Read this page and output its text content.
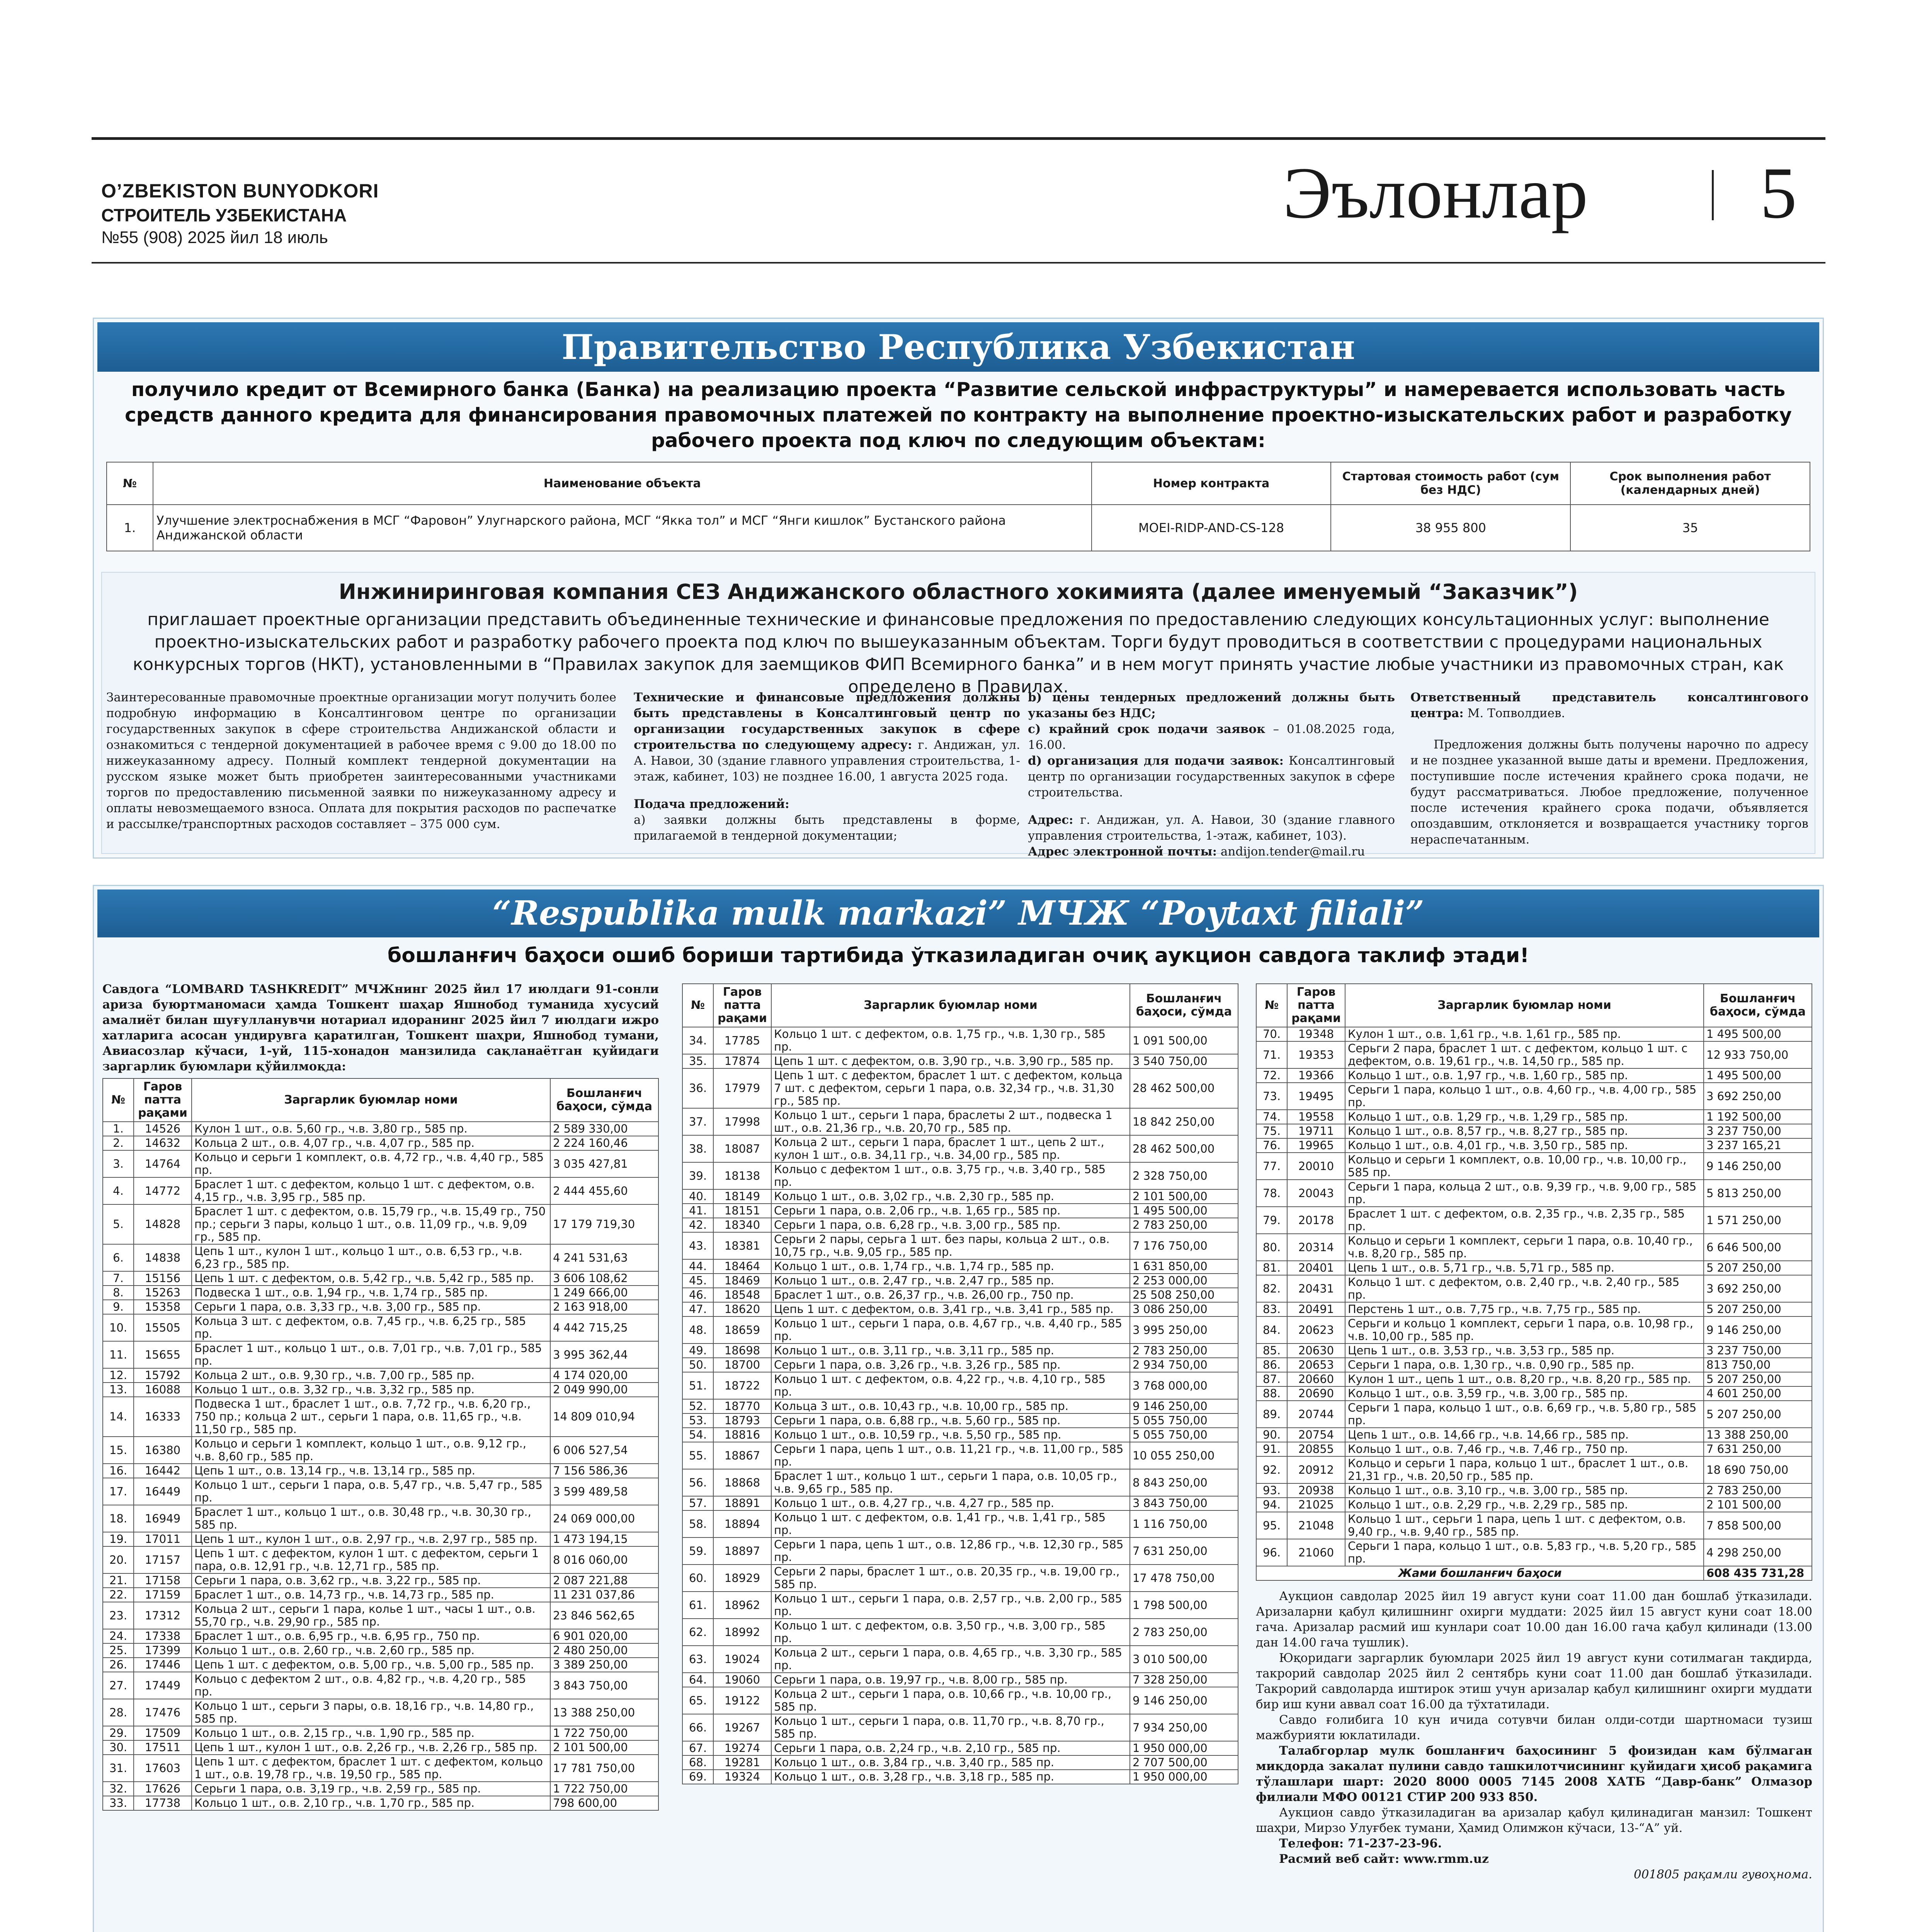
O’ZBEKISTON BUNYODKORI
СТРОИТЕЛЬ УЗБЕКИСТАНА
№55 (908) 2025 йил 18 июль
Эълонлар 5
Правительство Республика Узбекистан
получило кредит от Всемирного банка (Банка) на реализацию проекта “Развитие сельской инфраструктуры” и намеревается использовать часть средств данного кредита для финансирования правомочных платежей по контракту на выполнение проектно-изыскательских работ и разработку рабочего проекта под ключ по следующим объектам:
№	Наименование объекта	Номер контракта	Стартовая стоимость работ (сум без НДС)	Срок выполнения работ (календарных дней)
1.	Улучшение электроснабжения в МСГ “Фаровон” Улугнарского района, МСГ “Якка тол” и МСГ “Янги кишлок” Бустанского района Андижанской области	MOEI-RIDP-AND-CS-128	38 955 800	35
Инжиниринговая компания СЕЗ Андижанского областного хокимията (далее именуемый “Заказчик”)
приглашает проектные организации представить объединенные технические и финансовые предложения по предоставлению следующих консультационных услуг: выполнение проектно-изыскательских работ и разработку рабочего проекта под ключ по вышеуказанным объектам. Торги будут проводиться в соответствии с процедурами национальных конкурсных торгов (НКТ), установленными в “Правилах закупок для заемщиков ФИП Всемирного банка” и в нем могут принять участие любые участники из правомочных стран, как определено в Правилах.
Заинтересованные правомочные проектные организации могут получить более подробную информацию в Консалтинговом центре по организации государственных закупок в сфере строительства Андижанской области и ознакомиться с тендерной документацией в рабочее время с 9.00 до 18.00 по нижеуказанному адресу. Полный комплект тендерной документации на русском языке может быть приобретен заинтересованными участниками торгов по предоставлению письменной заявки по нижеуказанному адресу и оплаты невозмещаемого взноса. Оплата для покрытия расходов по распечатке и рассылке/транспортных расходов составляет – 375 000 сум.
Технические и финансовые предложения должны быть представлены в Консалтинговый центр по организации государственных закупок в сфере строительства по следующему адресу: г. Андижан, ул. А. Навои, 30 (здание главного управления строительства, 1-этаж, кабинет, 103) не позднее 16.00, 1 августа 2025 года.
Подача предложений:
а) заявки должны быть представлены в форме, прилагаемой в тендерной документации;
b) цены тендерных предложений должны быть указаны без НДС;
c) крайний срок подачи заявок – 01.08.2025 года, 16.00.
d) организация для подачи заявок: Консалтинговый центр по организации государственных закупок в сфере строительства.
Адрес: г. Андижан, ул. А. Навои, 30 (здание главного управления строительства, 1-этаж, кабинет, 103).
Адрес электронной почты: andijon.tender@mail.ru
Ответственный представитель консалтингового центра: М. Топволдиев.
Предложения должны быть получены нарочно по адресу и не позднее указанной выше даты и времени. Предложения, поступившие после истечения крайнего срока подачи, не будут рассматриваться. Любое предложение, полученное после истечения крайнего срока подачи, объявляется опоздавшим, отклоняется и возвращается участнику торгов нераспечатанным.
“Respublika mulk markazi” МЧЖ “Poytaxt filiali”
бошланғич баҳоси ошиб бориши тартибида ўтказиладиган очиқ аукцион савдога таклиф этади!
Савдога “LOMBARD TASHKREDIT” МЧЖнинг 2025 йил 17 июлдаги 91-сонли ариза буюртманомаси ҳамда Тошкент шаҳар Яшнобод туманида хусусий амалиёт билан шуғулланувчи нотариал идоранинг 2025 йил 7 июлдаги ижро хатларига асосан ундирувга қаратилган, Тошкент шаҳри, Яшнобод тумани, Авиасозлар кўчаси, 1-уй, 115-хонадон манзилида сақланаётган қуйидаги заргарлик буюмлари қўйилмоқда:
№	Гаров патта рақами	Заргарлик буюмлар номи	Бошланғич баҳоси, сўмда
1.	14526	Кулон 1 шт., о.в. 5,60 гр., ч.в. 3,80 гр., 585 пр.	2 589 330,00
2.	14632	Кольца 2 шт., о.в. 4,07 гр., ч.в. 4,07 гр., 585 пр.	2 224 160,46
3.	14764	Кольцо и серьги 1 комплект, о.в. 4,72 гр., ч.в. 4,40 гр., 585 пр.	3 035 427,81
4.	14772	Браслет 1 шт. с дефектом, кольцо 1 шт. с дефектом, о.в. 4,15 гр., ч.в. 3,95 гр., 585 пр.	2 444 455,60
5.	14828	Браслет 1 шт. с дефектом, о.в. 15,79 гр., ч.в. 15,49 гр., 750 пр.; серьги 3 пары, кольцо 1 шт., о.в. 11,09 гр., ч.в. 9,09 гр., 585 пр.	17 179 719,30
6.	14838	Цепь 1 шт., кулон 1 шт., кольцо 1 шт., о.в. 6,53 гр., ч.в. 6,23 гр., 585 пр.	4 241 531,63
7.	15156	Цепь 1 шт. с дефектом, о.в. 5,42 гр., ч.в. 5,42 гр., 585 пр.	3 606 108,62
8.	15263	Подвеска 1 шт., о.в. 1,94 гр., ч.в. 1,74 гр., 585 пр.	1 249 666,00
9.	15358	Серьги 1 пара, о.в. 3,33 гр., ч.в. 3,00 гр., 585 пр.	2 163 918,00
10.	15505	Кольца 3 шт. с дефектом, о.в. 7,45 гр., ч.в. 6,25 гр., 585 пр.	4 442 715,25
11.	15655	Браслет 1 шт., кольцо 1 шт., о.в. 7,01 гр., ч.в. 7,01 гр., 585 пр.	3 995 362,44
12.	15792	Кольца 2 шт., о.в. 9,30 гр., ч.в. 7,00 гр., 585 пр.	4 174 020,00
13.	16088	Кольцо 1 шт., о.в. 3,32 гр., ч.в. 3,32 гр., 585 пр.	2 049 990,00
14.	16333	Подвеска 1 шт., браслет 1 шт., о.в. 7,72 гр., ч.в. 6,20 гр., 750 пр.; кольца 2 шт., серьги 1 пара, о.в. 11,65 гр., ч.в. 11,50 гр., 585 пр.	14 809 010,94
15.	16380	Кольцо и серьги 1 комплект, кольцо 1 шт., о.в. 9,12 гр., ч.в. 8,60 гр., 585 пр.	6 006 527,54
16.	16442	Цепь 1 шт., о.в. 13,14 гр., ч.в. 13,14 гр., 585 пр.	7 156 586,36
17.	16449	Кольцо 1 шт., серьги 1 пара, о.в. 5,47 гр., ч.в. 5,47 гр., 585 пр.	3 599 489,58
18.	16949	Браслет 1 шт., кольцо 1 шт., о.в. 30,48 гр., ч.в. 30,30 гр., 585 пр.	24 069 000,00
19.	17011	Цепь 1 шт., кулон 1 шт., о.в. 2,97 гр., ч.в. 2,97 гр., 585 пр.	1 473 194,15
20.	17157	Цепь 1 шт. с дефектом, кулон 1 шт. с дефектом, серьги 1 пара, о.в. 12,91 гр., ч.в. 12,71 гр., 585 пр.	8 016 060,00
21.	17158	Серьги 1 пара, о.в. 3,62 гр., ч.в. 3,22 гр., 585 пр.	2 087 221,88
22.	17159	Браслет 1 шт., о.в. 14,73 гр., ч.в. 14,73 гр., 585 пр.	11 231 037,86
23.	17312	Кольца 2 шт., серьги 1 пара, колье 1 шт., часы 1 шт., о.в. 55,70 гр., ч.в. 29,90 гр., 585 пр.	23 846 562,65
24.	17338	Браслет 1 шт., о.в. 6,95 гр., ч.в. 6,95 гр., 750 пр.	6 901 020,00
25.	17399	Кольцо 1 шт., о.в. 2,60 гр., ч.в. 2,60 гр., 585 пр.	2 480 250,00
26.	17446	Цепь 1 шт. с дефектом, о.в. 5,00 гр., ч.в. 5,00 гр., 585 пр.	3 389 250,00
27.	17449	Кольцо с дефектом 2 шт., о.в. 4,82 гр., ч.в. 4,20 гр., 585 пр.	3 843 750,00
28.	17476	Кольцо 1 шт., серьги 3 пары, о.в. 18,16 гр., ч.в. 14,80 гр., 585 пр.	13 388 250,00
29.	17509	Кольцо 1 шт., о.в. 2,15 гр., ч.в. 1,90 гр., 585 пр.	1 722 750,00
30.	17511	Цепь 1 шт., кулон 1 шт., о.в. 2,26 гр., ч.в. 2,26 гр., 585 пр.	2 101 500,00
31.	17603	Цепь 1 шт. с дефектом, браслет 1 шт. с дефектом, кольцо 1 шт., о.в. 19,78 гр., ч.в. 19,50 гр., 585 пр.	17 781 750,00
32.	17626	Серьги 1 пара, о.в. 3,19 гр., ч.в. 2,59 гр., 585 пр.	1 722 750,00
33.	17738	Кольцо 1 шт., о.в. 2,10 гр., ч.в. 1,70 гр., 585 пр.	798 600,00
№	Гаров патта рақами	Заргарлик буюмлар номи	Бошланғич баҳоси, сўмда
34.	17785	Кольцо 1 шт. с дефектом, о.в. 1,75 гр., ч.в. 1,30 гр., 585 пр.	1 091 500,00
35.	17874	Цепь 1 шт. с дефектом, о.в. 3,90 гр., ч.в. 3,90 гр., 585 пр.	3 540 750,00
36.	17979	Цепь 1 шт. с дефектом, браслет 1 шт. с дефектом, кольца 7 шт. с дефектом, серьги 1 пара, о.в. 32,34 гр., ч.в. 31,30 гр., 585 пр.	28 462 500,00
37.	17998	Кольцо 1 шт., серьги 1 пара, браслеты 2 шт., подвеска 1 шт., о.в. 21,36 гр., ч.в. 20,70 гр., 585 пр.	18 842 250,00
38.	18087	Кольца 2 шт., серьги 1 пара, браслет 1 шт., цепь 2 шт., кулон 1 шт., о.в. 34,11 гр., ч.в. 34,00 гр., 585 пр.	28 462 500,00
39.	18138	Кольцо с дефектом 1 шт., о.в. 3,75 гр., ч.в. 3,40 гр., 585 пр.	2 328 750,00
40.	18149	Кольцо 1 шт., о.в. 3,02 гр., ч.в. 2,30 гр., 585 пр.	2 101 500,00
41.	18151	Серьги 1 пара, о.в. 2,06 гр., ч.в. 1,65 гр., 585 пр.	1 495 500,00
42.	18340	Серьги 1 пара, о.в. 6,28 гр., ч.в. 3,00 гр., 585 пр.	2 783 250,00
43.	18381	Серьги 2 пары, серьга 1 шт. без пары, кольца 2 шт., о.в. 10,75 гр., ч.в. 9,05 гр., 585 пр.	7 176 750,00
44.	18464	Кольцо 1 шт., о.в. 1,74 гр., ч.в. 1,74 гр., 585 пр.	1 631 850,00
45.	18469	Кольцо 1 шт., о.в. 2,47 гр., ч.в. 2,47 гр., 585 пр.	2 253 000,00
46.	18548	Браслет 1 шт., о.в. 26,37 гр., ч.в. 26,00 гр., 750 пр.	25 508 250,00
47.	18620	Цепь 1 шт. с дефектом, о.в. 3,41 гр., ч.в. 3,41 гр., 585 пр.	3 086 250,00
48.	18659	Кольцо 1 шт., серьги 1 пара, о.в. 4,67 гр., ч.в. 4,40 гр., 585 пр.	3 995 250,00
49.	18698	Кольцо 1 шт., о.в. 3,11 гр., ч.в. 3,11 гр., 585 пр.	2 783 250,00
50.	18700	Серьги 1 пара, о.в. 3,26 гр., ч.в. 3,26 гр., 585 пр.	2 934 750,00
51.	18722	Кольцо 1 шт. с дефектом, о.в. 4,22 гр., ч.в. 4,10 гр., 585 пр.	3 768 000,00
52.	18770	Кольца 3 шт., о.в. 10,43 гр., ч.в. 10,00 гр., 585 пр.	9 146 250,00
53.	18793	Серьги 1 пара, о.в. 6,88 гр., ч.в. 5,60 гр., 585 пр.	5 055 750,00
54.	18816	Кольцо 1 шт., о.в. 10,59 гр., ч.в. 5,50 гр., 585 пр.	5 055 750,00
55.	18867	Серьги 1 пара, цепь 1 шт., о.в. 11,21 гр., ч.в. 11,00 гр., 585 пр.	10 055 250,00
56.	18868	Браслет 1 шт., кольцо 1 шт., серьги 1 пара, о.в. 10,05 гр., ч.в. 9,65 гр., 585 пр.	8 843 250,00
57.	18891	Кольцо 1 шт., о.в. 4,27 гр., ч.в. 4,27 гр., 585 пр.	3 843 750,00
58.	18894	Кольцо 1 шт. с дефектом, о.в. 1,41 гр., ч.в. 1,41 гр., 585 пр.	1 116 750,00
59.	18897	Серьги 1 пара, цепь 1 шт., о.в. 12,86 гр., ч.в. 12,30 гр., 585 пр.	7 631 250,00
60.	18929	Серьги 2 пары, браслет 1 шт., о.в. 20,35 гр., ч.в. 19,00 гр., 585 пр.	17 478 750,00
61.	18962	Кольцо 1 шт., серьги 1 пара, о.в. 2,57 гр., ч.в. 2,00 гр., 585 пр.	1 798 500,00
62.	18992	Кольцо 1 шт. с дефектом, о.в. 3,50 гр., ч.в. 3,00 гр., 585 пр.	2 783 250,00
63.	19024	Кольца 2 шт., серьги 1 пара, о.в. 4,65 гр., ч.в. 3,30 гр., 585 пр.	3 010 500,00
64.	19060	Серьги 1 пара, о.в. 19,97 гр., ч.в. 8,00 гр., 585 пр.	7 328 250,00
65.	19122	Кольца 2 шт., серьги 1 пара, о.в. 10,66 гр., ч.в. 10,00 гр., 585 пр.	9 146 250,00
66.	19267	Кольцо 1 шт., серьги 1 пара, о.в. 11,70 гр., ч.в. 8,70 гр., 585 пр.	7 934 250,00
67.	19274	Серьги 1 пара, о.в. 2,24 гр., ч.в. 2,10 гр., 585 пр.	1 950 000,00
68.	19281	Кольцо 1 шт., о.в. 3,84 гр., ч.в. 3,40 гр., 585 пр.	2 707 500,00
69.	19324	Кольцо 1 шт., о.в. 3,28 гр., ч.в. 3,18 гр., 585 пр.	1 950 000,00
№	Гаров патта рақами	Заргарлик буюмлар номи	Бошланғич баҳоси, сўмда
70.	19348	Кулон 1 шт., о.в. 1,61 гр., ч.в. 1,61 гр., 585 пр.	1 495 500,00
71.	19353	Серьги 2 пара, браслет 1 шт. с дефектом, кольцо 1 шт. с дефектом, о.в. 19,61 гр., ч.в. 14,50 гр., 585 пр.	12 933 750,00
72.	19366	Кольцо 1 шт., о.в. 1,97 гр., ч.в. 1,60 гр., 585 пр.	1 495 500,00
73.	19495	Серьги 1 пара, кольцо 1 шт., о.в. 4,60 гр., ч.в. 4,00 гр., 585 пр.	3 692 250,00
74.	19558	Кольцо 1 шт., о.в. 1,29 гр., ч.в. 1,29 гр., 585 пр.	1 192 500,00
75.	19711	Кольцо 1 шт., о.в. 8,57 гр., ч.в. 8,27 гр., 585 пр.	3 237 750,00
76.	19965	Кольцо 1 шт., о.в. 4,01 гр., ч.в. 3,50 гр., 585 пр.	3 237 165,21
77.	20010	Кольцо и серьги 1 комплект, о.в. 10,00 гр., ч.в. 10,00 гр., 585 пр.	9 146 250,00
78.	20043	Серьги 1 пара, кольца 2 шт., о.в. 9,39 гр., ч.в. 9,00 гр., 585 пр.	5 813 250,00
79.	20178	Браслет 1 шт. с дефектом, о.в. 2,35 гр., ч.в. 2,35 гр., 585 пр.	1 571 250,00
80.	20314	Кольцо и серьги 1 комплект, серьги 1 пара, о.в. 10,40 гр., ч.в. 8,20 гр., 585 пр.	6 646 500,00
81.	20401	Цепь 1 шт., о.в. 5,71 гр., ч.в. 5,71 гр., 585 пр.	5 207 250,00
82.	20431	Кольцо 1 шт. с дефектом, о.в. 2,40 гр., ч.в. 2,40 гр., 585 пр.	3 692 250,00
83.	20491	Перстень 1 шт., о.в. 7,75 гр., ч.в. 7,75 гр., 585 пр.	5 207 250,00
84.	20623	Серьги и кольцо 1 комплект, серьги 1 пара, о.в. 10,98 гр., ч.в. 10,00 гр., 585 пр.	9 146 250,00
85.	20630	Цепь 1 шт., о.в. 3,53 гр., ч.в. 3,53 гр., 585 пр.	3 237 750,00
86.	20653	Серьги 1 пара, о.в. 1,30 гр., ч.в. 0,90 гр., 585 пр.	813 750,00
87.	20660	Кулон 1 шт., цепь 1 шт., о.в. 8,20 гр., ч.в. 8,20 гр., 585 пр.	5 207 250,00
88.	20690	Кольцо 1 шт., о.в. 3,59 гр., ч.в. 3,00 гр., 585 пр.	4 601 250,00
89.	20744	Серьги 1 пара, кольцо 1 шт., о.в. 6,69 гр., ч.в. 5,80 гр., 585 пр.	5 207 250,00
90.	20754	Цепь 1 шт., о.в. 14,66 гр., ч.в. 14,66 гр., 585 пр.	13 388 250,00
91.	20855	Кольцо 1 шт., о.в. 7,46 гр., ч.в. 7,46 гр., 750 пр.	7 631 250,00
92.	20912	Кольцо и серьги 1 пара, кольцо 1 шт., браслет 1 шт., о.в. 21,31 гр., ч.в. 20,50 гр., 585 пр.	18 690 750,00
93.	20938	Кольцо 1 шт., о.в. 3,10 гр., ч.в. 3,00 гр., 585 пр.	2 783 250,00
94.	21025	Кольцо 1 шт., о.в. 2,29 гр., ч.в. 2,29 гр., 585 пр.	2 101 500,00
95.	21048	Кольцо 1 шт., серьги 1 пара, цепь 1 шт. с дефектом, о.в. 9,40 гр., ч.в. 9,40 гр., 585 пр.	7 858 500,00
96.	21060	Серьги 1 пара, кольцо 1 шт., о.в. 5,83 гр., ч.в. 5,20 гр., 585 пр.	4 298 250,00
Жами бошланғич баҳоси			608 435 731,28
Аукцион савдолар 2025 йил 19 август куни соат 11.00 дан бошлаб ўтказилади. Аризаларни қабул қилишнинг охирги муддати: 2025 йил 15 август куни соат 18.00 гача. Аризалар расмий иш кунлари соат 10.00 дан 16.00 гача қабул қилинади (13.00 дан 14.00 гача тушлик).
Юқоридаги заргарлик буюмлари 2025 йил 19 август куни сотилмаган тақдирда, такрорий савдолар 2025 йил 2 сентябрь куни соат 11.00 дан бошлаб ўтказилади. Такрорий савдоларда иштирок этиш учун аризалар қабул қилишнинг охирги муддати бир иш куни аввал соат 16.00 да тўхтатилади.
Савдо ғолибига 10 кун ичида сотувчи билан олди-сотди шартномаси тузиш мажбурияти юклатилади.
Талабгорлар мулк бошланғич баҳосининг 5 фоизидан кам бўлмаган миқдорда закалат пулини савдо ташкилотчисининг қуйидаги ҳисоб рақамига тўлашлари шарт: 2020 8000 0005 7145 2008 ХАТБ “Давр-банк” Олмазор филиали МФО 00121 СТИР 200 933 850.
Аукцион савдо ўтказиладиган ва аризалар қабул қилинадиган манзил: Тошкент шаҳри, Мирзо Улуғбек тумани, Ҳамид Олимжон кўчаси, 13-“А” уй.
Телефон: 71-237-23-96.
Расмий веб сайт: www.rmm.uz
001805 рақамли гувоҳнома.
